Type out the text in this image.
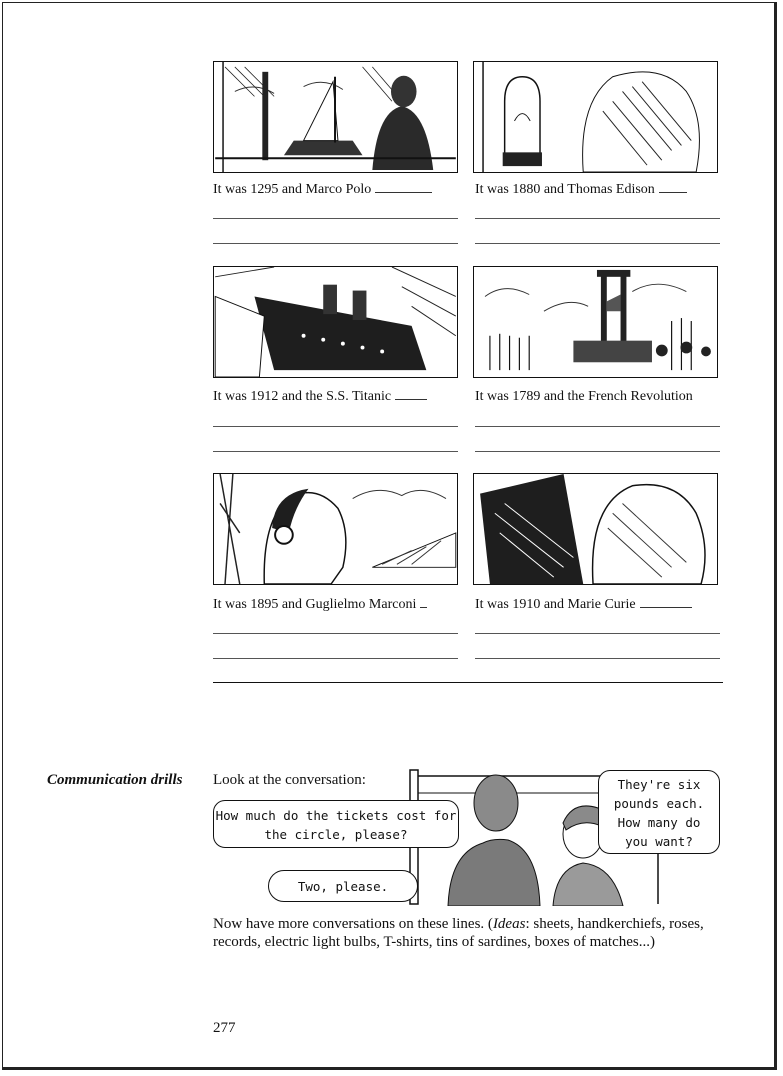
It was 1295 and Marco Polo	It was 1880 and Thomas Edison
It was 1912 and the S.S. Titanic	It was 1789 and the French Revolution
It was 1895 and Guglielmo Marconi	It was 1910 and Marie Curie
Communication drills Look at the conversation:
How much do the tickets cost for the circle, please?
They're six pounds each. How many do you want?
Two, please.
Now have more conversations on these lines. (Ideas: sheets, handkerchiefs, roses, records, electric light bulbs, T-shirts, tins of sardines, boxes of matches...)
277
